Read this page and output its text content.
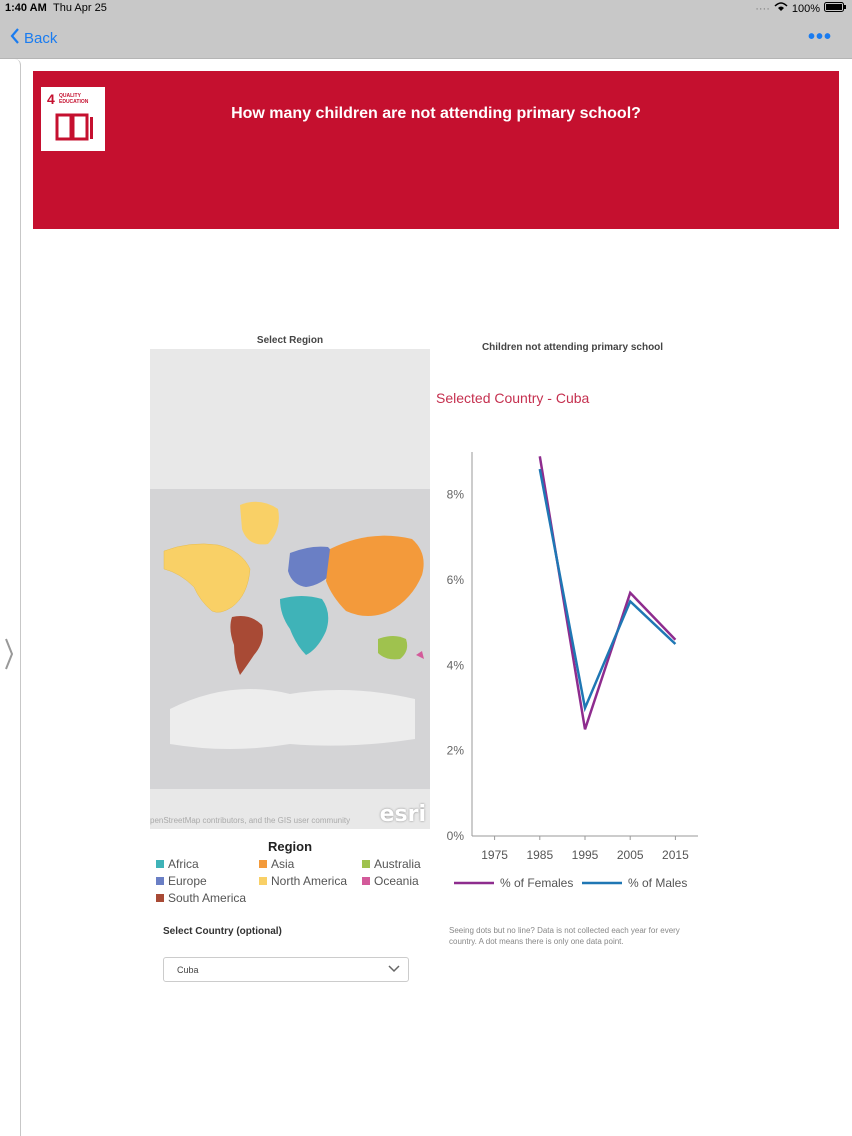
1:40 AM Thu Apr 25	···· 100%
Back	•••
4 QUALITY
EDUCATION
How many children are not attending primary school?
Select Region
penStreetMap contributors, and the GIS user community esri
Region
Africa	Asia	Australia
Europe	North America Oceania
South America
Select Country (optional)
Cuba
Children not attending primary school
Selected Country - Cuba
0%
2%
4%
6%
8%
1975 1985 1995 2005 2015
% of Females	% of Males
Seeing dots but no line? Data is not collected each year for every country. A dot means there is only one data point.
